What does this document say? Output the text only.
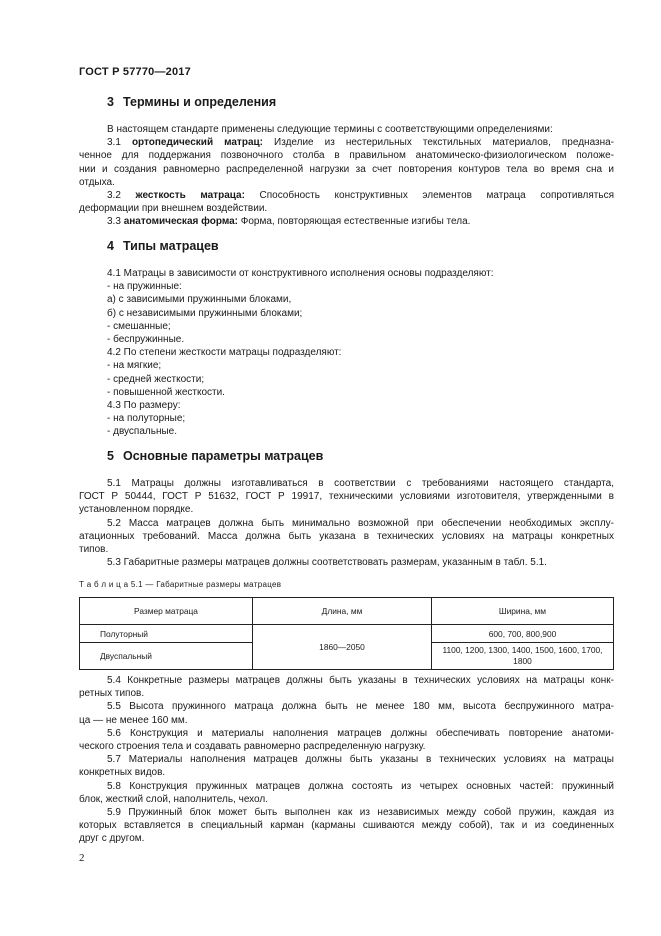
ГОСТ Р 57770—2017
3 Термины и определения
В настоящем стандарте применены следующие термины с соответствующими определениями:
3.1 ортопедический матрац: Изделие из нестерильных текстильных материалов, предназна-
ченное для поддержания позвоночного столба в правильном анатомическо-физиологическом положе-
нии и создания равномерно распределенной нагрузки за счет повторения контуров тела во время сна и
отдыха.
3.2 жесткость матраца: Способность конструктивных элементов матраца сопротивляться
деформации при внешнем воздействии.
3.3 анатомическая форма: Форма, повторяющая естественные изгибы тела.
4 Типы матрацев
4.1 Матрацы в зависимости от конструктивного исполнения основы подразделяют:
- на пружинные:
а) с зависимыми пружинными блоками,
б) с независимыми пружинными блоками;
- смешанные;
- беспружинные.
4.2 По степени жесткости матрацы подразделяют:
- на мягкие;
- средней жесткости;
- повышенной жесткости.
4.3 По размеру:
- на полуторные;
- двуспальные.
5 Основные параметры матрацев
5.1 Матрацы должны изготавливаться в соответствии с требованиями настоящего стандарта,
ГОСТ Р 50444, ГОСТ Р 51632, ГОСТ Р 19917, техническими условиями изготовителя, утвержденными в
установленном порядке.
5.2 Масса матрацев должна быть минимально возможной при обеспечении необходимых эксплу-
атационных требований. Масса должна быть указана в технических условиях на матрацы конкретных
типов.
5.3 Габаритные размеры матрацев должны соответствовать размерам, указанным в табл. 5.1.
Т а б л и ц а 5.1 — Габаритные размеры матрацев
Размер матраца	Длина, мм	Ширина, мм
Полуторный	1860—2050	600, 700, 800,900
Двуспальный		1100, 1200, 1300, 1400, 1500, 1600, 1700, 1800
5.4 Конкретные размеры матрацев должны быть указаны в технических условиях на матрацы конк-
ретных типов.
5.5 Высота пружинного матраца должна быть не менее 180 мм, высота беспружинного матра-
ца — не менее 160 мм.
5.6 Конструкция и материалы наполнения матрацев должны обеспечивать повторение анатоми-
ческого строения тела и создавать равномерно распределенную нагрузку.
5.7 Материалы наполнения матрацев должны быть указаны в технических условиях на матрацы
конкретных видов.
5.8 Конструкция пружинных матрацев должна состоять из четырех основных частей: пружинный
блок, жесткий слой, наполнитель, чехол.
5.9 Пружинный блок может быть выполнен как из независимых между собой пружин, каждая из
которых вставляется в специальный карман (карманы сшиваются между собой), так и из соединенных
друг с другом.
2
